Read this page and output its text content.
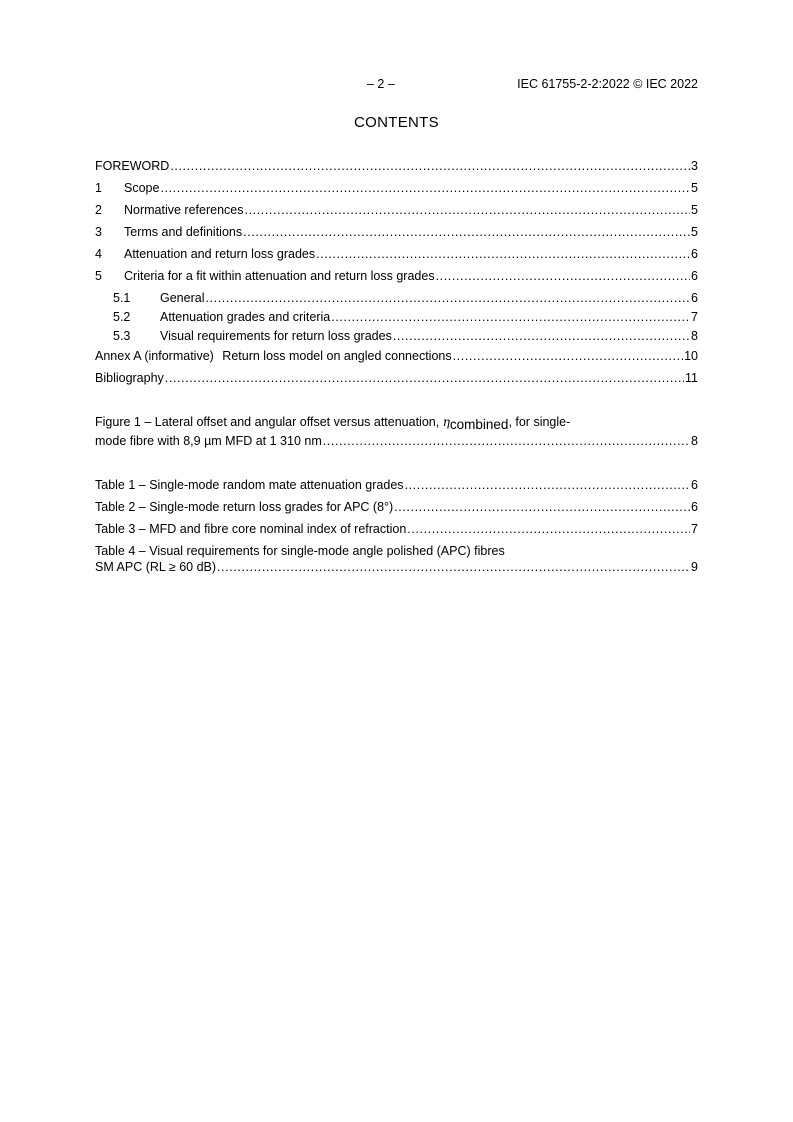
– 2 –	IEC 61755-2-2:2022 © IEC 2022
CONTENTS
FOREWORD .....	3
1	Scope .....	5
2	Normative references .....	5
3	Terms and definitions .....	5
4	Attenuation and return loss grades .....	6
5	Criteria for a fit within attenuation and return loss grades .....	6
5.1	General .....	6
5.2	Attenuation grades and criteria .....	7
5.3	Visual requirements for return loss grades .....	8
Annex A (informative) Return loss model on angled connections .....	10
Bibliography .....	11
Figure 1 – Lateral offset and angular offset versus attenuation, ηcombined, for single-
mode fibre with 8,9 µm MFD at 1 310 nm .....	8
Table 1 – Single-mode random mate attenuation grades .....	6
Table 2 – Single-mode return loss grades for APC (8°) .....	6
Table 3 – MFD and fibre core nominal index of refraction .....	7
Table 4 – Visual requirements for single-mode angle polished (APC) fibres
SM APC (RL ≥ 60 dB) .....	9
